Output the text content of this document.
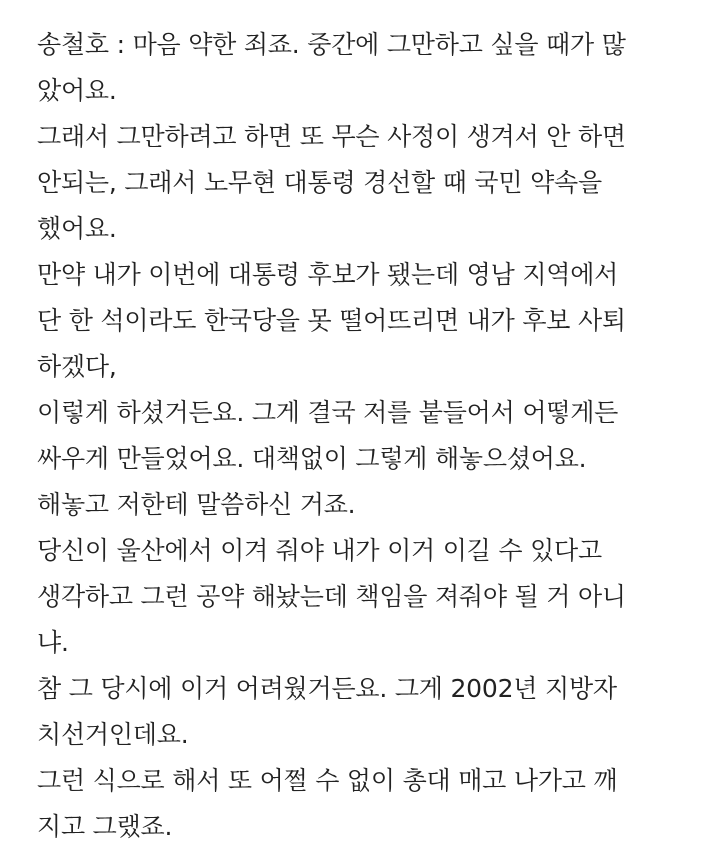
송철호 : 마음 약한 죄죠. 중간에 그만하고 싶을 때가 많
았어요.
그래서 그만하려고 하면 또 무슨 사정이 생겨서 안 하면
안되는, 그래서 노무현 대통령 경선할 때 국민 약속을
했어요.
만약 내가 이번에 대통령 후보가 됐는데 영남 지역에서
단 한 석이라도 한국당을 못 떨어뜨리면 내가 후보 사퇴
하겠다,
이렇게 하셨거든요. 그게 결국 저를 붙들어서 어떻게든
싸우게 만들었어요. 대책없이 그렇게 해놓으셨어요.
해놓고 저한테 말씀하신 거죠.
당신이 울산에서 이겨 줘야 내가 이거 이길 수 있다고
생각하고 그런 공약 해놨는데 책임을 져줘야 될 거 아니
냐.
참 그 당시에 이거 어려웠거든요. 그게 2002년 지방자
치선거인데요.
그런 식으로 해서 또 어쩔 수 없이 총대 매고 나가고 깨
지고 그랬죠.
